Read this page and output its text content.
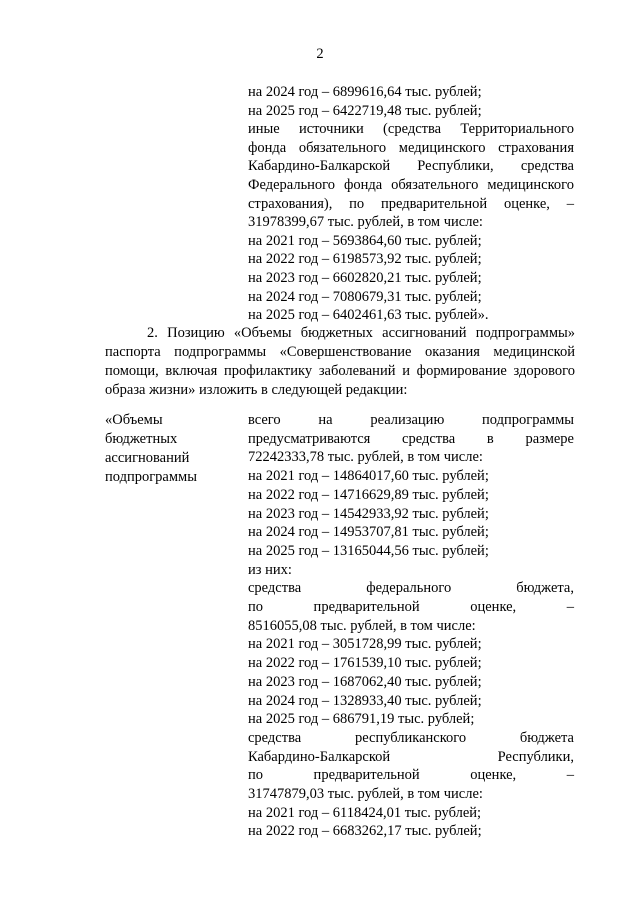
2
на 2024 год – 6899616,64 тыс. рублей;
на 2025 год – 6422719,48 тыс. рублей;
иные источники (средства Территориального
фонда обязательного медицинского страхования
Кабардино-Балкарской Республики, средства
Федерального фонда обязательного медицинского
страхования), по предварительной оценке, –
31978399,67 тыс. рублей, в том числе:
на 2021 год – 5693864,60 тыс. рублей;
на 2022 год – 6198573,92 тыс. рублей;
на 2023 год – 6602820,21 тыс. рублей;
на 2024 год – 7080679,31 тыс. рублей;
на 2025 год – 6402461,63 тыс. рублей».
2. Позицию «Объемы бюджетных ассигнований подпрограммы»
паспорта подпрограммы «Совершенствование оказания медицинской
помощи, включая профилактику заболеваний и формирование здорового
образа жизни» изложить в следующей редакции:
«Объемы
бюджетных
ассигнований
подпрограммы
всего на реализацию подпрограммы
предусматриваются средства в размере
72242333,78 тыс. рублей, в том числе:
на 2021 год – 14864017,60 тыс. рублей;
на 2022 год – 14716629,89 тыс. рублей;
на 2023 год – 14542933,92 тыс. рублей;
на 2024 год – 14953707,81 тыс. рублей;
на 2025 год – 13165044,56 тыс. рублей;
из них:
средства федерального бюджета,
по предварительной оценке, –
8516055,08 тыс. рублей, в том числе:
на 2021 год – 3051728,99 тыс. рублей;
на 2022 год – 1761539,10 тыс. рублей;
на 2023 год – 1687062,40 тыс. рублей;
на 2024 год – 1328933,40 тыс. рублей;
на 2025 год – 686791,19 тыс. рублей;
средства республиканского бюджета
Кабардино-Балкарской Республики,
по предварительной оценке, –
31747879,03 тыс. рублей, в том числе:
на 2021 год – 6118424,01 тыс. рублей;
на 2022 год – 6683262,17 тыс. рублей;
